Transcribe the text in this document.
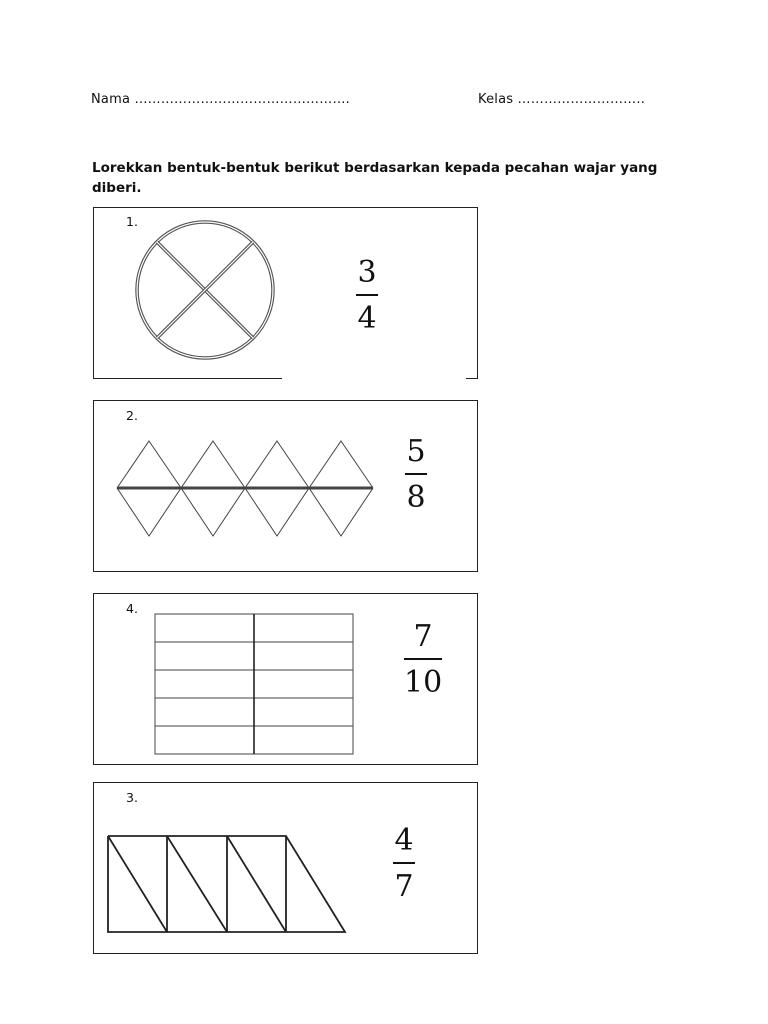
Nama ………………………………………….	Kelas ………………………..
Lorekkan bentuk-bentuk berikut berdasarkan kepada pecahan wajar yang diberi.
1.
3
4
2.
5
8
4.
7
10
3.
4
7
